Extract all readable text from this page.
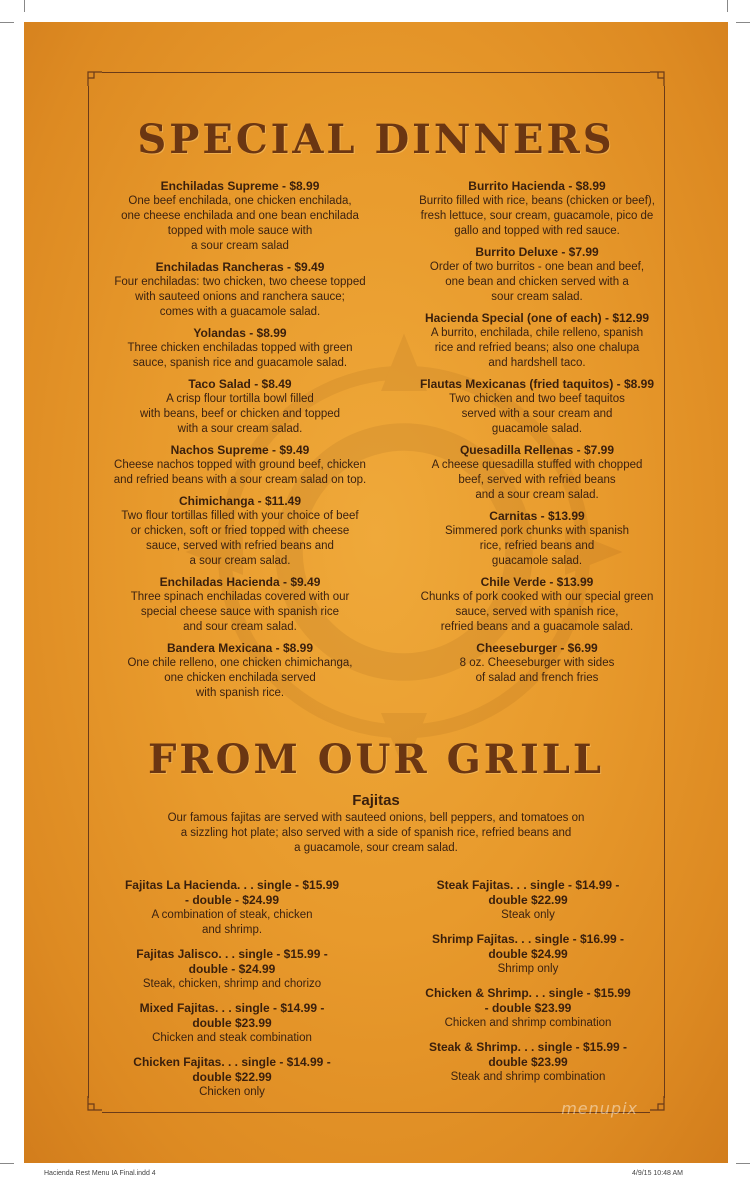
SPECIAL DINNERS
Enchiladas Supreme - $8.99
One beef enchilada, one chicken enchilada,
one cheese enchilada and one bean enchilada
topped with mole sauce with
a sour cream salad
Enchiladas Rancheras - $9.49
Four enchiladas: two chicken, two cheese topped
with sauteed onions and ranchera sauce;
comes with a guacamole salad.
Yolandas - $8.99
Three chicken enchiladas topped with green
sauce, spanish rice and guacamole salad.
Taco Salad - $8.49
A crisp flour tortilla bowl filled
with beans, beef or chicken and topped
with a sour cream salad.
Nachos Supreme - $9.49
Cheese nachos topped with ground beef, chicken
and refried beans with a sour cream salad on top.
Chimichanga - $11.49
Two flour tortillas filled with your choice of beef
or chicken, soft or fried topped with cheese
sauce, served with refried beans and
a sour cream salad.
Enchiladas Hacienda - $9.49
Three spinach enchiladas covered with our
special cheese sauce with spanish rice
and sour cream salad.
Bandera Mexicana - $8.99
One chile relleno, one chicken chimichanga,
one chicken enchilada served
with spanish rice.
Burrito Hacienda - $8.99
Burrito filled with rice, beans (chicken or beef),
fresh lettuce, sour cream, guacamole, pico de
gallo and topped with red sauce.
Burrito Deluxe - $7.99
Order of two burritos - one bean and beef,
one bean and chicken served with a
sour cream salad.
Hacienda Special (one of each) - $12.99
A burrito, enchilada, chile relleno, spanish
rice and refried beans; also one chalupa
and hardshell taco.
Flautas Mexicanas (fried taquitos) - $8.99
Two chicken and two beef taquitos
served with a sour cream and
guacamole salad.
Quesadilla Rellenas - $7.99
A cheese quesadilla stuffed with chopped
beef, served with refried beans
and a sour cream salad.
Carnitas - $13.99
Simmered pork chunks with spanish
rice, refried beans and
guacamole salad.
Chile Verde - $13.99
Chunks of pork cooked with our special green
sauce, served with spanish rice,
refried beans and a guacamole salad.
Cheeseburger - $6.99
8 oz. Cheeseburger with sides
of salad and french fries
FROM OUR GRILL
Fajitas
Our famous fajitas are served with sauteed onions, bell peppers, and tomatoes on
a sizzling hot plate; also served with a side of spanish rice, refried beans and
a guacamole, sour cream salad.
Fajitas La Hacienda. . . single - $15.99
- double - $24.99
A combination of steak, chicken
and shrimp.
Fajitas Jalisco. . . single - $15.99 -
double - $24.99
Steak, chicken, shrimp and chorizo
Mixed Fajitas. . . single - $14.99 -
double $23.99
Chicken and steak combination
Chicken Fajitas. . . single - $14.99 -
double $22.99
Chicken only
Steak Fajitas. . . single - $14.99 -
double $22.99
Steak only
Shrimp Fajitas. . . single - $16.99 -
double $24.99
Shrimp only
Chicken & Shrimp. . . single - $15.99
- double $23.99
Chicken and shrimp combination
Steak & Shrimp. . . single - $15.99 -
double $23.99
Steak and shrimp combination
menupix
Hacienda Rest Menu IA Final.indd 4	4/9/15 10:48 AM
